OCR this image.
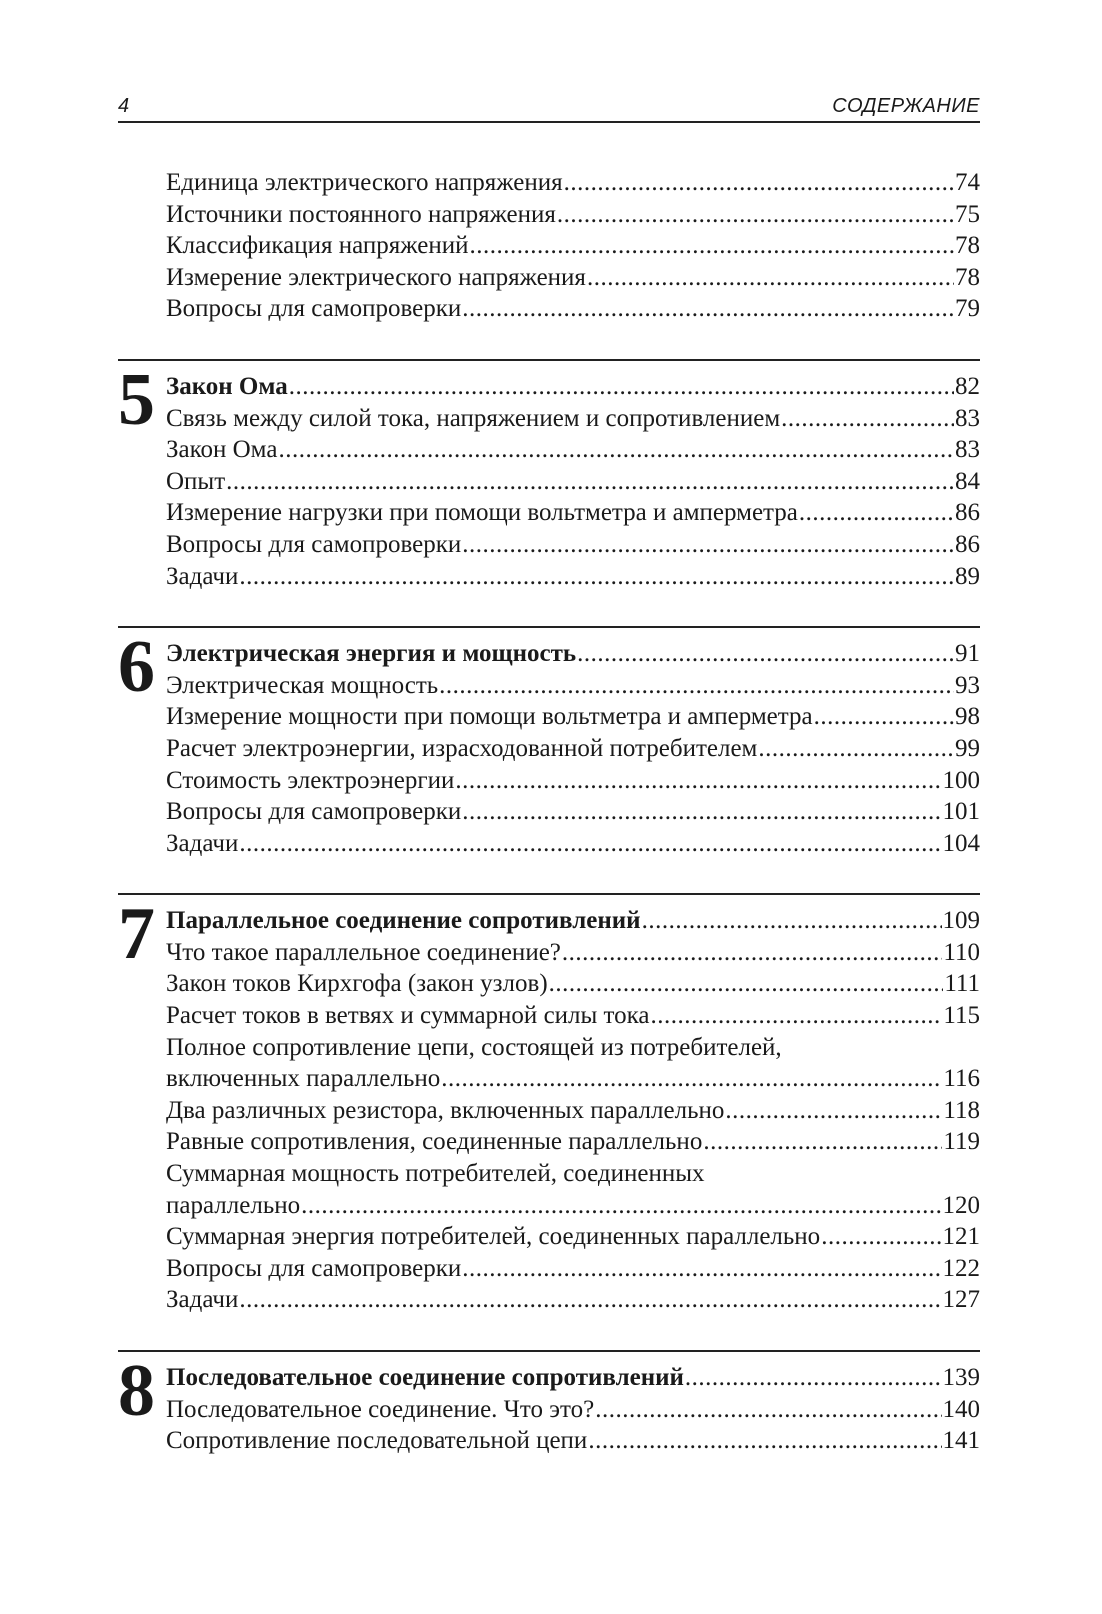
4	СОДЕРЖАНИЕ
Единица электрического напряжения .....	74
Источники постоянного напряжения .....	75
Классификация напряжений .....	78
Измерение электрического напряжения .....	78
Вопросы для самопроверки .....	79
5 Закон Ома .....	82
Связь между силой тока, напряжением и сопротивлением .....	83
Закон Ома .....	83
Опыт .....	84
Измерение нагрузки при помощи вольтметра и амперметра .....	86
Вопросы для самопроверки .....	86
Задачи .....	89
6 Электрическая энергия и мощность .....	91
Электрическая мощность .....	93
Измерение мощности при помощи вольтметра и амперметра .....	98
Расчет электроэнергии, израсходованной потребителем .....	99
Стоимость электроэнергии .....	100
Вопросы для самопроверки .....	101
Задачи .....	104
7 Параллельное соединение сопротивлений .....	109
Что такое параллельное соединение? .....	110
Закон токов Кирхгофа (закон узлов) .....	111
Расчет токов в ветвях и суммарной силы тока .....	115
Полное сопротивление цепи, состоящей из потребителей,
включенных параллельно .....	116
Два различных резистора, включенных параллельно .....	118
Равные сопротивления, соединенные параллельно .....	119
Суммарная мощность потребителей, соединенных
параллельно .....	120
Суммарная энергия потребителей, соединенных параллельно .....	121
Вопросы для самопроверки .....	122
Задачи .....	127
8 Последовательное соединение сопротивлений .....	139
Последовательное соединение. Что это? .....	140
Сопротивление последовательной цепи .....	141
